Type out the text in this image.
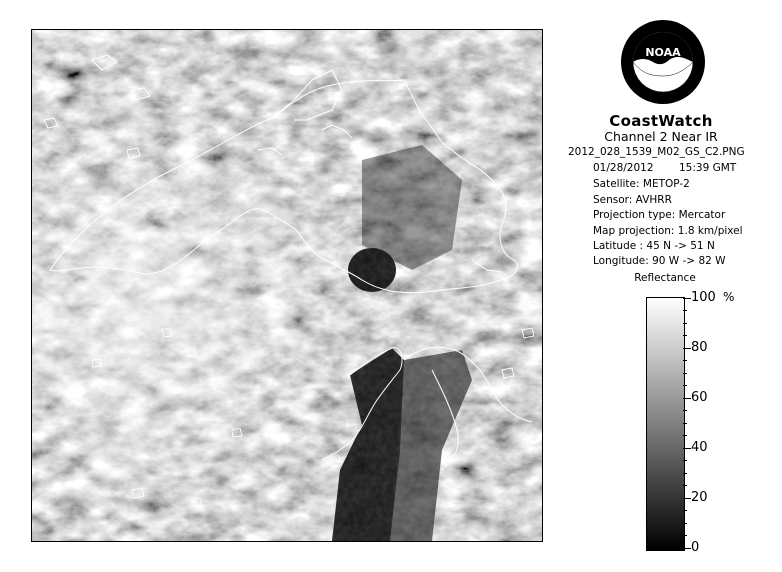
NOAA
CoastWatch
Channel 2 Near IR
2012_028_1539_M02_GS_C2.PNG
01/28/2012 15:39 GMT
Satellite: METOP-2
Sensor: AVHRR
Projection type: Mercator
Map projection: 1.8 km/pixel
Latitude : 45 N -> 51 N
Longitude: 90 W -> 82 W
Reflectance
%
100
80
60
40
20
0
